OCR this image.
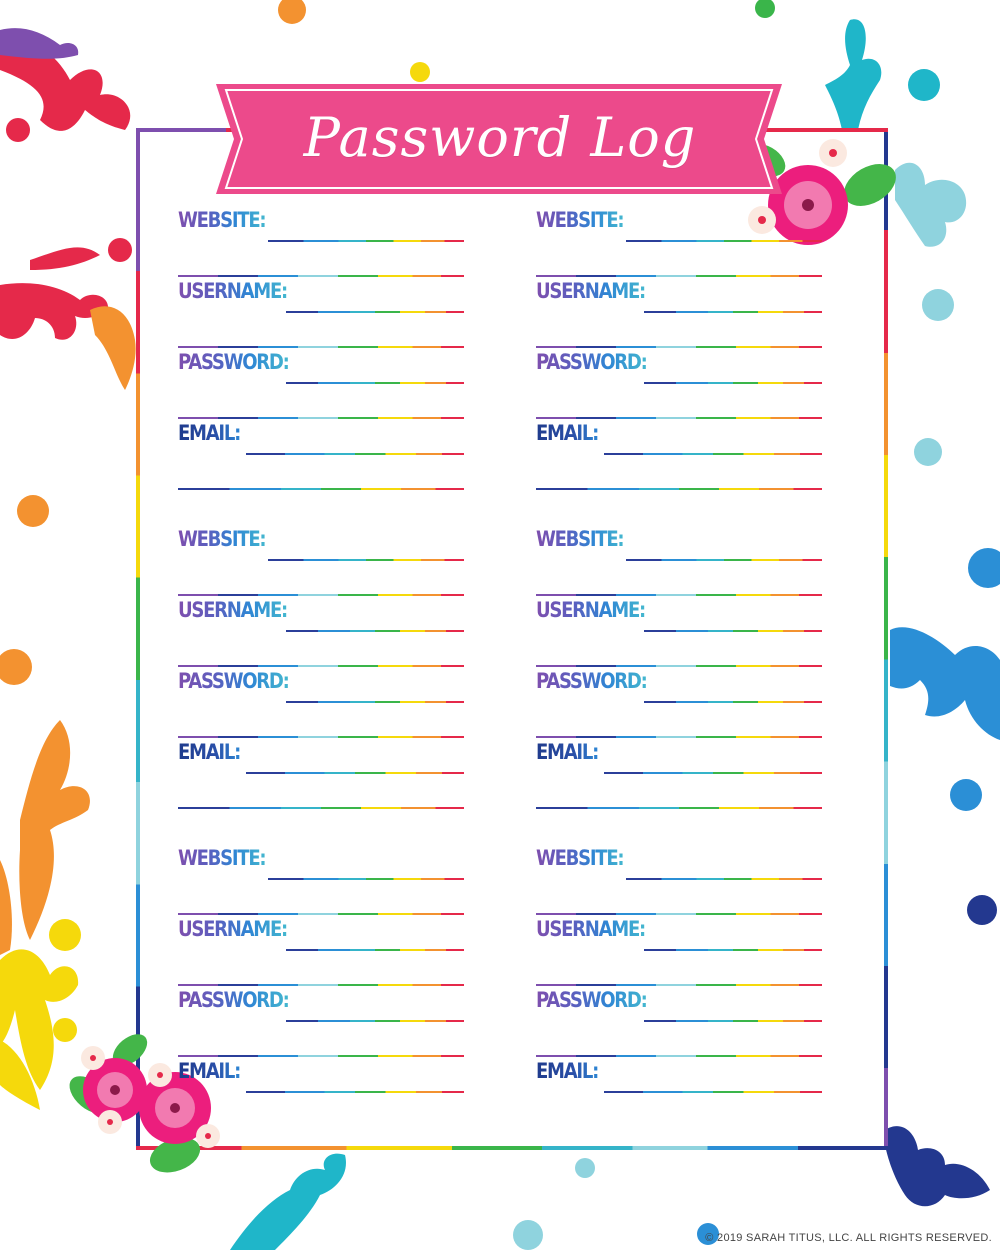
Password Log
WEBSITE:
USERNAME:
PASSWORD:
EMAIL:
WEBSITE:
USERNAME:
PASSWORD:
EMAIL:
WEBSITE:
USERNAME:
PASSWORD:
EMAIL:
WEBSITE:
USERNAME:
PASSWORD:
EMAIL:
WEBSITE:
USERNAME:
PASSWORD:
EMAIL:
WEBSITE:
USERNAME:
PASSWORD:
EMAIL:
© 2019 SARAH TITUS, LLC. ALL RIGHTS RESERVED.
